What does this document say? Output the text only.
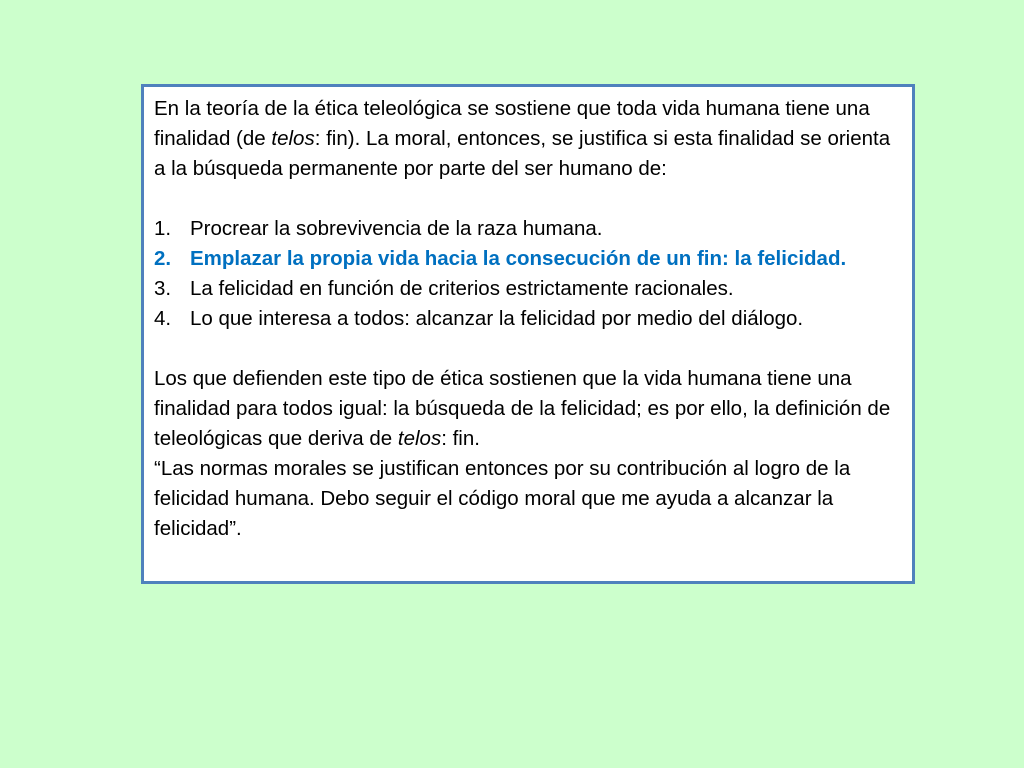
En la teoría de la ética teleológica se sostiene que toda vida humana tiene una finalidad (de telos: fin). La moral, entonces, se justifica si esta finalidad se orienta a la búsqueda permanente por parte del ser humano de:

1. Procrear la sobrevivencia de la raza humana.
2. Emplazar la propia vida hacia la consecución de un fin: la felicidad.
3. La felicidad en función de criterios estrictamente racionales.
4. Lo que interesa a todos: alcanzar la felicidad por medio del diálogo.

Los que defienden este tipo de ética sostienen que la vida humana tiene una finalidad para todos igual: la búsqueda de la felicidad; es por ello, la definición de teleológicas que deriva de telos: fin.

“Las normas morales se justifican entonces por su contribución al logro de la felicidad humana. Debo seguir el código moral que me ayuda a alcanzar la felicidad”.
